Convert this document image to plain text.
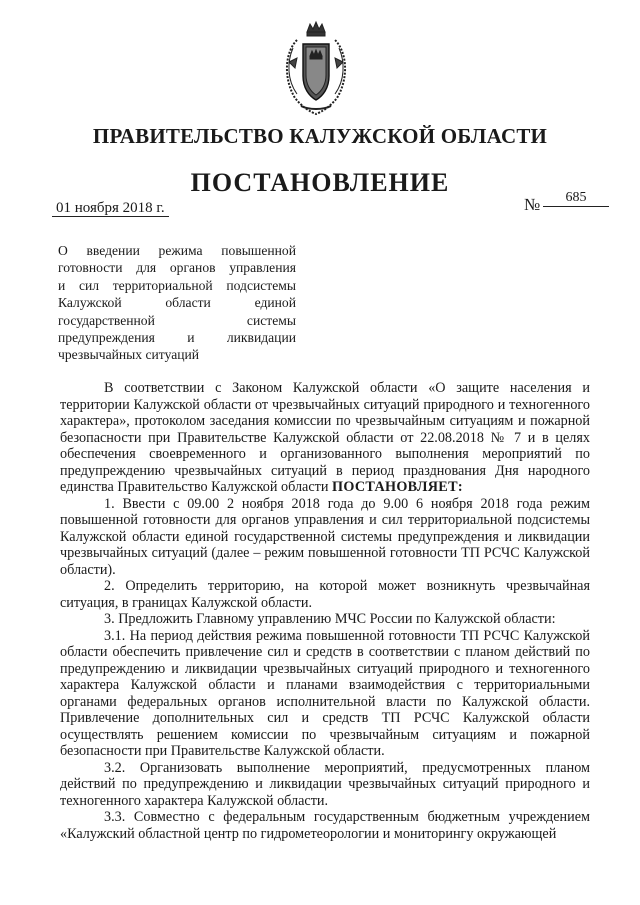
ПРАВИТЕЛЬСТВО КАЛУЖСКОЙ ОБЛАСТИ
ПОСТАНОВЛЕНИЕ
01 ноября 2018 г.	№	685
О введении режима повышенной
готовности для органов управления
и сил территориальной подсистемы
Калужской области единой
государственной системы
предупреждения и ликвидации
чрезвычайных ситуаций

В соответствии с Законом Калужской области «О защите населения и территории Калужской области от чрезвычайных ситуаций природного и техногенного характера», протоколом заседания комиссии по чрезвычайным ситуациям и пожарной безопасности при Правительстве Калужской области от 22.08.2018 № 7 и в целях обеспечения своевременного и организованного выполнения мероприятий по предупреждению чрезвычайных ситуаций в период празднования Дня народного единства Правительство Калужской области ПОСТАНОВЛЯЕТ:

1. Ввести с 09.00 2 ноября 2018 года до 9.00 6 ноября 2018 года режим повышенной готовности для органов управления и сил территориальной подсистемы Калужской области единой государственной системы предупреждения и ликвидации чрезвычайных ситуаций (далее – режим повышенной готовности ТП РСЧС Калужской области).

2. Определить территорию, на которой может возникнуть чрезвычайная ситуация, в границах Калужской области.

3. Предложить Главному управлению МЧС России по Калужской области:

3.1. На период действия режима повышенной готовности ТП РСЧС Калужской области обеспечить привлечение сил и средств в соответствии с планом действий по предупреждению и ликвидации чрезвычайных ситуаций природного и техногенного характера Калужской области и планами взаимодействия с территориальными органами федеральных органов исполнительной власти по Калужской области. Привлечение дополнительных сил и средств ТП РСЧС Калужской области осуществлять решением комиссии по чрезвычайным ситуациям и пожарной безопасности при Правительстве Калужской области.

3.2. Организовать выполнение мероприятий, предусмотренных планом действий по предупреждению и ликвидации чрезвычайных ситуаций природного и техногенного характера Калужской области.

3.3. Совместно с федеральным государственным бюджетным учреждением «Калужский областной центр по гидрометеорологии и мониторингу окружающей
